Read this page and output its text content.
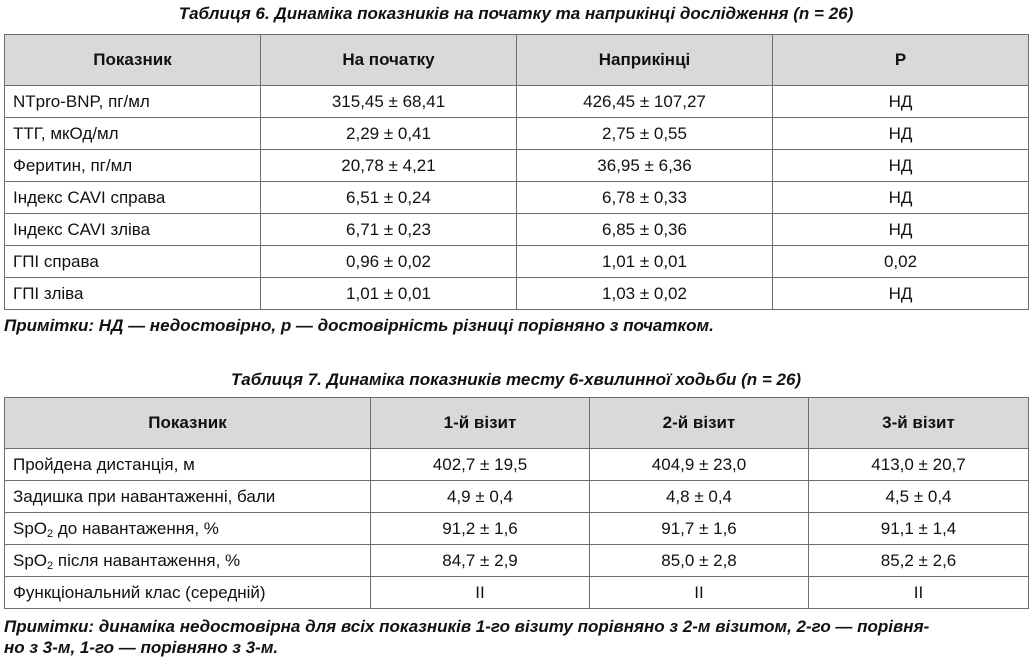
Таблиця 6. Динаміка показників на початку та наприкінці дослідження (n = 26)
Показник	На початку	Наприкінці	P
NTpro-BNP, пг/мл	315,45 ± 68,41	426,45 ± 107,27	НД
ТТГ, мкОд/мл	2,29 ± 0,41	2,75 ± 0,55	НД
Феритин, пг/мл	20,78 ± 4,21	36,95 ± 6,36	НД
Індекс CAVI справа	6,51 ± 0,24	6,78 ± 0,33	НД
Індекс CAVI зліва	6,71 ± 0,23	6,85 ± 0,36	НД
ГПІ справа	0,96 ± 0,02	1,01 ± 0,01	0,02
ГПІ зліва	1,01 ± 0,01	1,03 ± 0,02	НД
Примітки: НД — недостовірно, р — достовірність різниці порівняно з початком.
Таблиця 7. Динаміка показників тесту 6-хвилинної ходьби (n = 26)
Показник	1-й візит	2-й візит	3-й візит
Пройдена дистанція, м	402,7 ± 19,5	404,9 ± 23,0	413,0 ± 20,7
Задишка при навантаженні, бали	4,9 ± 0,4	4,8 ± 0,4	4,5 ± 0,4
SpO$_2$ до навантаження, %	91,2 ± 1,6	91,7 ± 1,6	91,1 ± 1,4
SpO$_2$ після навантаження, %	84,7 ± 2,9	85,0 ± 2,8	85,2 ± 2,6
Функціональний клас (середній)	II	II	II
Примітки: динаміка недостовірна для всіх показників 1-го візиту порівняно з 2-м візитом, 2-го — порівня-
но з 3-м, 1-го — порівняно з 3-м.
